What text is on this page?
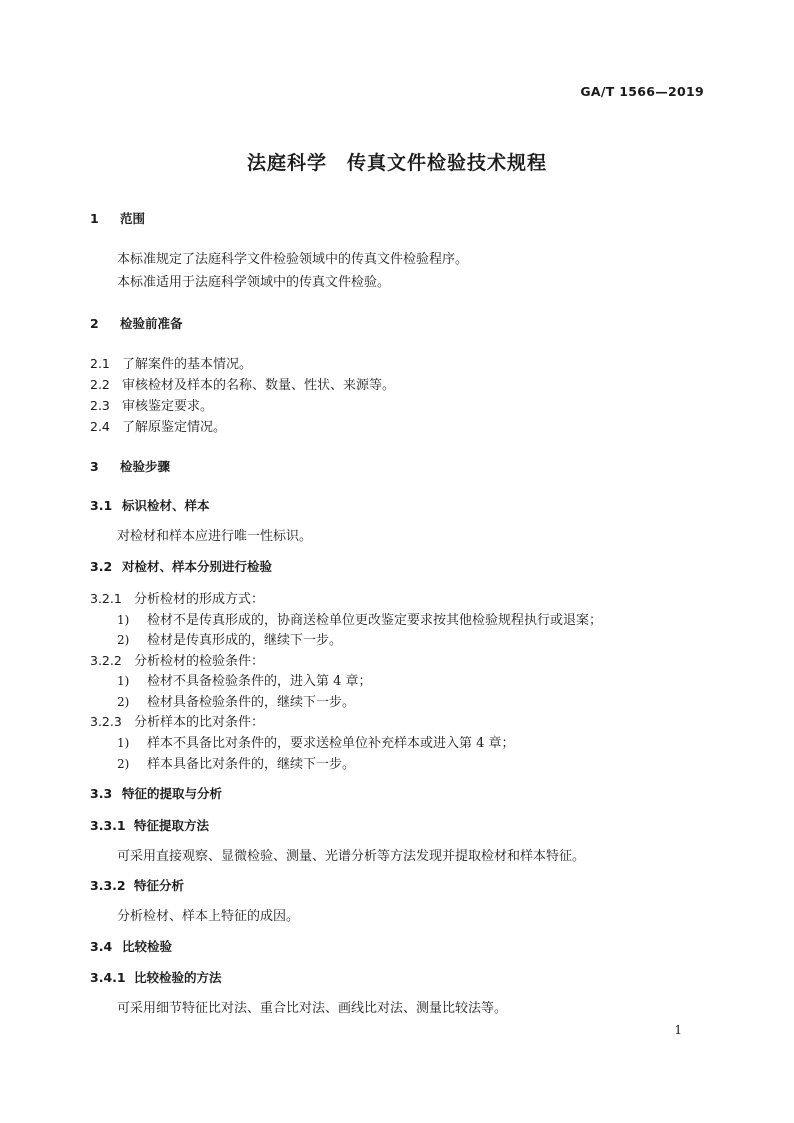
GA/T 1566—2019
法庭科学　传真文件检验技术规程
1 范围
本标准规定了法庭科学文件检验领域中的传真文件检验程序。
本标准适用于法庭科学领域中的传真文件检验。
2 检验前准备
2.1 了解案件的基本情况。
2.2 审核检材及样本的名称、数量、性状、来源等。
2.3 审核鉴定要求。
2.4 了解原鉴定情况。
3 检验步骤
3.1 标识检材、样本
对检材和样本应进行唯一性标识。
3.2 对检材、样本分别进行检验
3.2.1 分析检材的形成方式：
1) 检材不是传真形成的，协商送检单位更改鉴定要求按其他检验规程执行或退案；
2) 检材是传真形成的，继续下一步。
3.2.2 分析检材的检验条件：
1) 检材不具备检验条件的，进入第 4 章；
2) 检材具备检验条件的，继续下一步。
3.2.3 分析样本的比对条件：
1) 样本不具备比对条件的，要求送检单位补充样本或进入第 4 章；
2) 样本具备比对条件的，继续下一步。
3.3 特征的提取与分析
3.3.1 特征提取方法
可采用直接观察、显微检验、测量、光谱分析等方法发现并提取检材和样本特征。
3.3.2 特征分析
分析检材、样本上特征的成因。
3.4 比较检验
3.4.1 比较检验的方法
可采用细节特征比对法、重合比对法、画线比对法、测量比较法等。
1
